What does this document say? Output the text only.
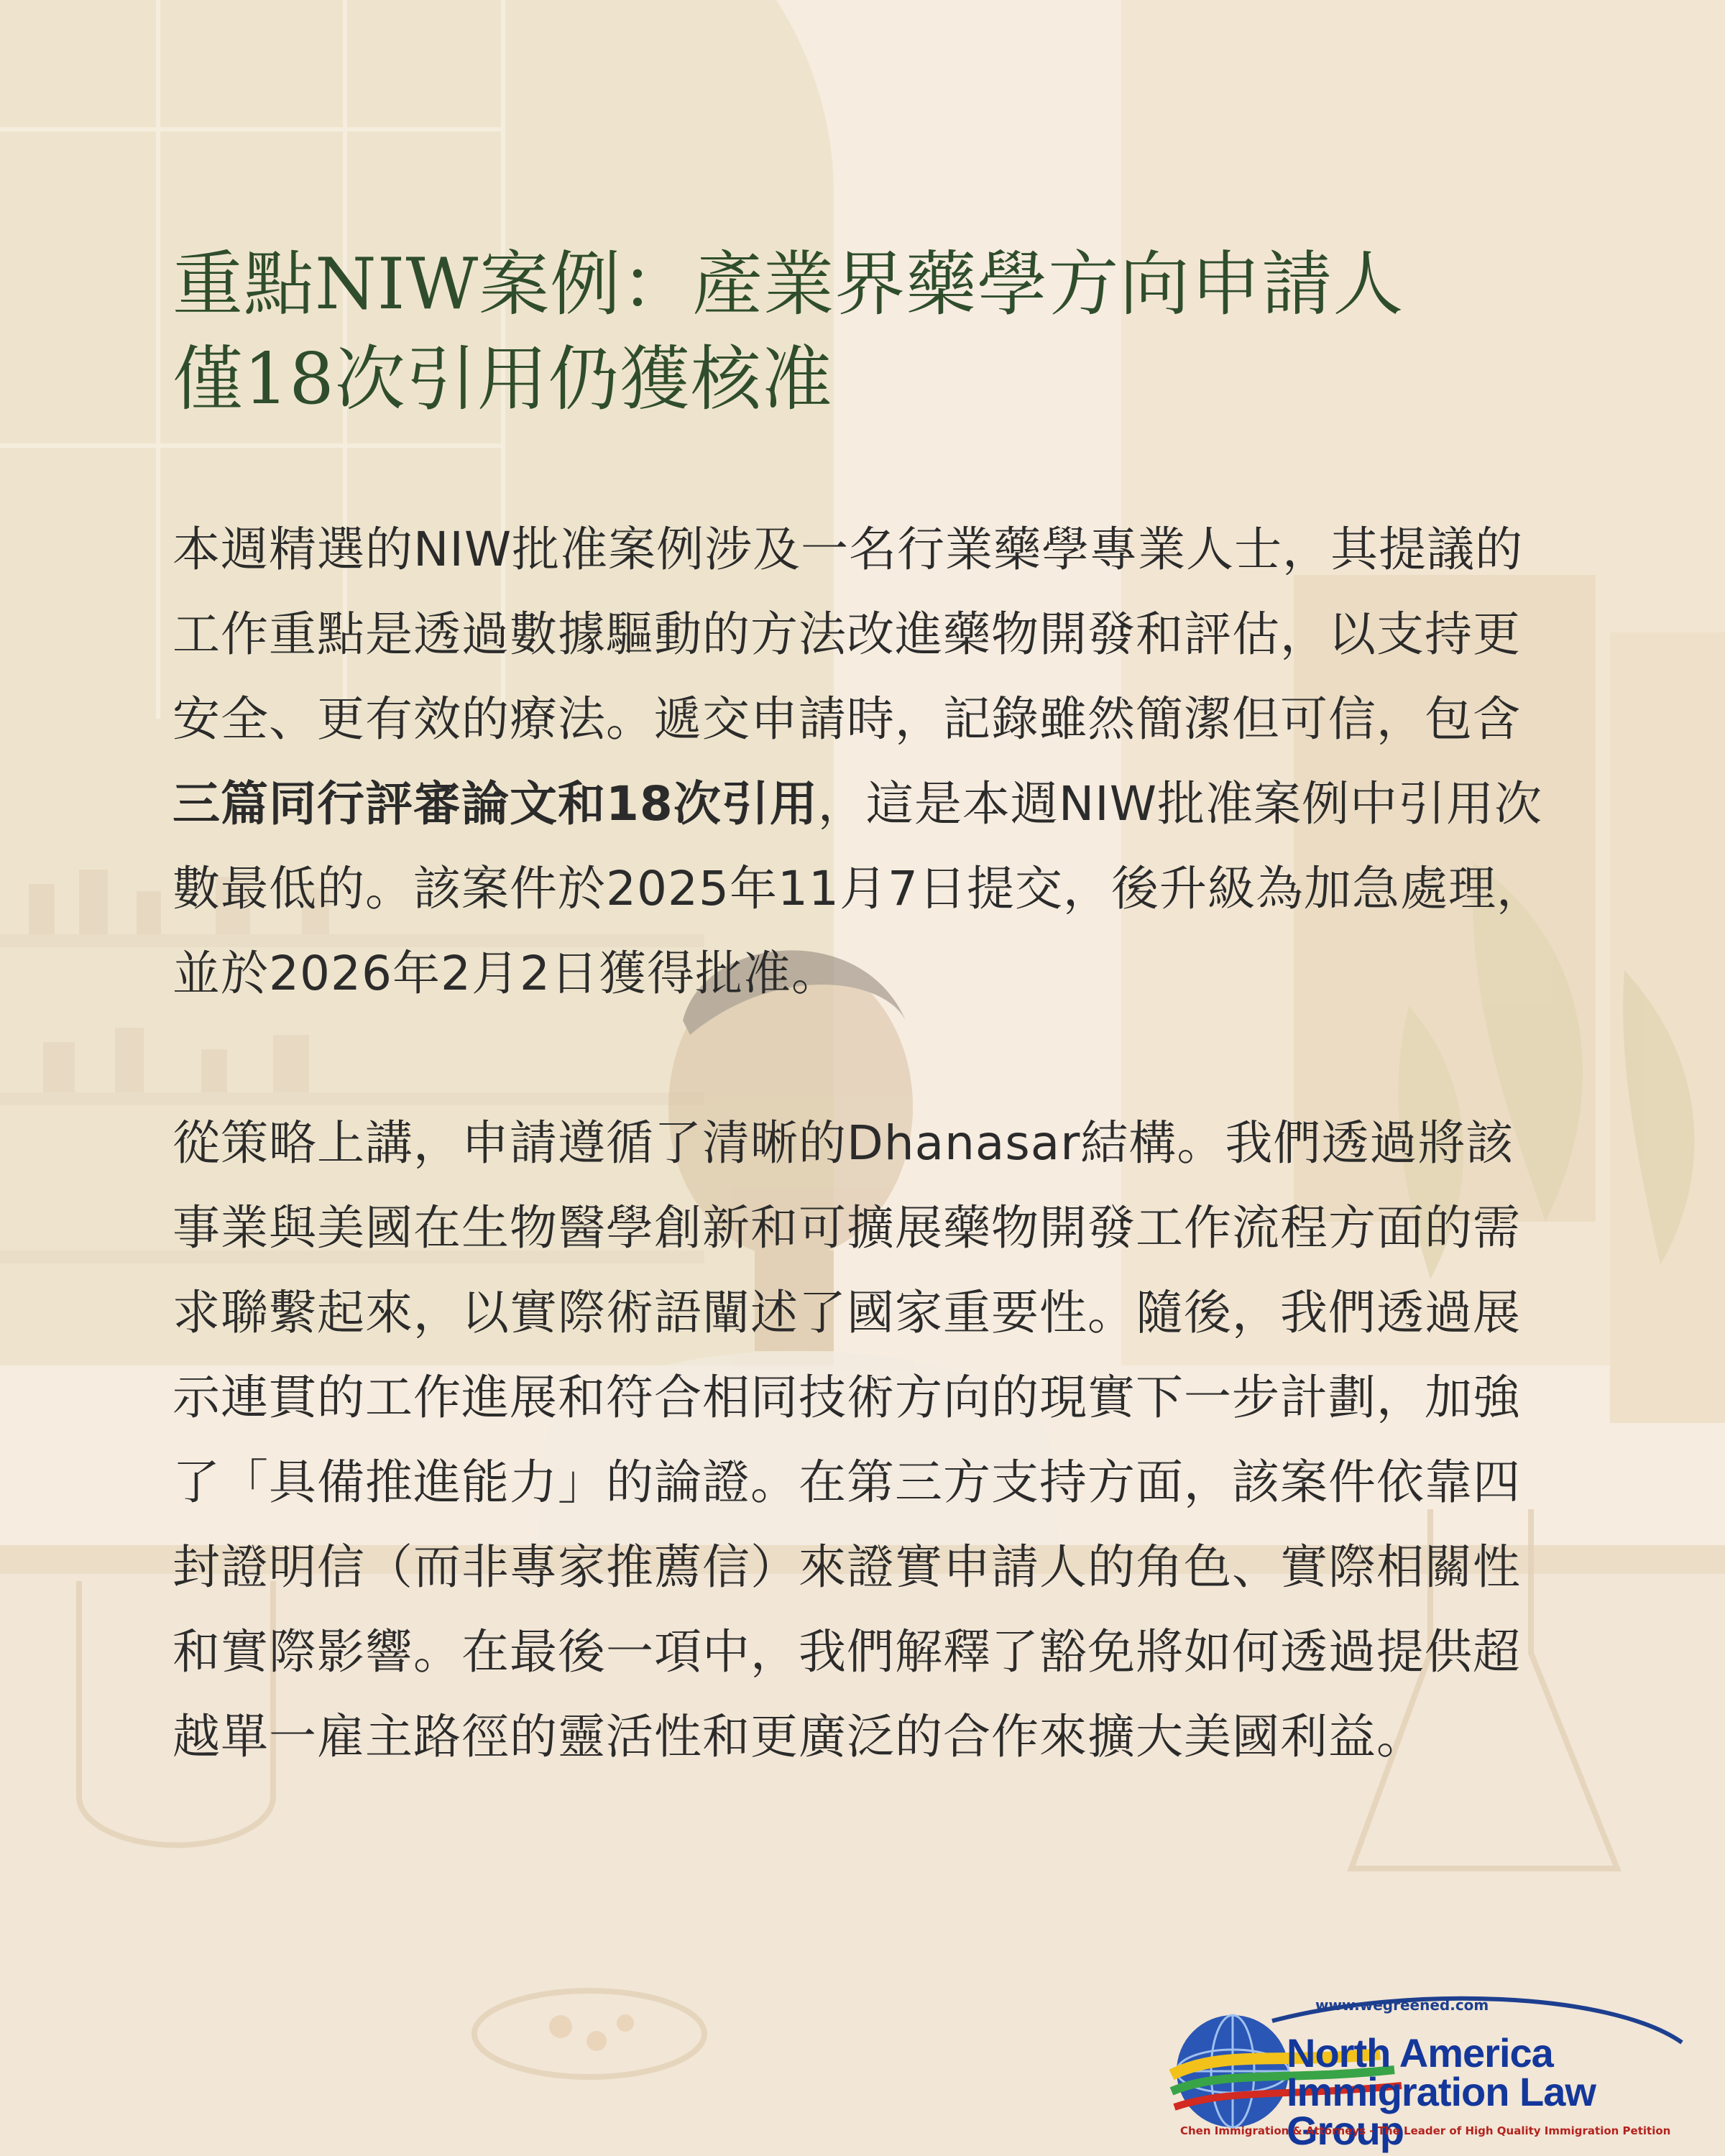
重點NIW案例：產業界藥學方向申請人
僅18次引用仍獲核准

本週精選的NIW批准案例涉及一名行業藥學專業人士，其提議的工作重點是透過數據驅動的方法改進藥物開發和評估，以支持更安全、更有效的療法。遞交申請時，記錄雖然簡潔但可信，包含三篇同行評審論文和18次引用，這是本週NIW批准案例中引用次數最低的。該案件於2025年11月7日提交，後升級為加急處理，並於2026年2月2日獲得批准。

從策略上講，申請遵循了清晰的Dhanasar結構。我們透過將該事業與美國在生物醫學創新和可擴展藥物開發工作流程方面的需求聯繫起來，以實際術語闡述了國家重要性。隨後，我們透過展示連貫的工作進展和符合相同技術方向的現實下一步計劃，加強了「具備推進能力」的論證。在第三方支持方面，該案件依靠四封證明信（而非專家推薦信）來證實申請人的角色、實際相關性和實際影響。在最後一項中，我們解釋了豁免將如何透過提供超越單一雇主路徑的靈活性和更廣泛的合作來擴大美國利益。

www.wegreened.com
North America
Immigration Law Group
Chen Immigration & Attorneys - The Leader of High Quality Immigration Petition
